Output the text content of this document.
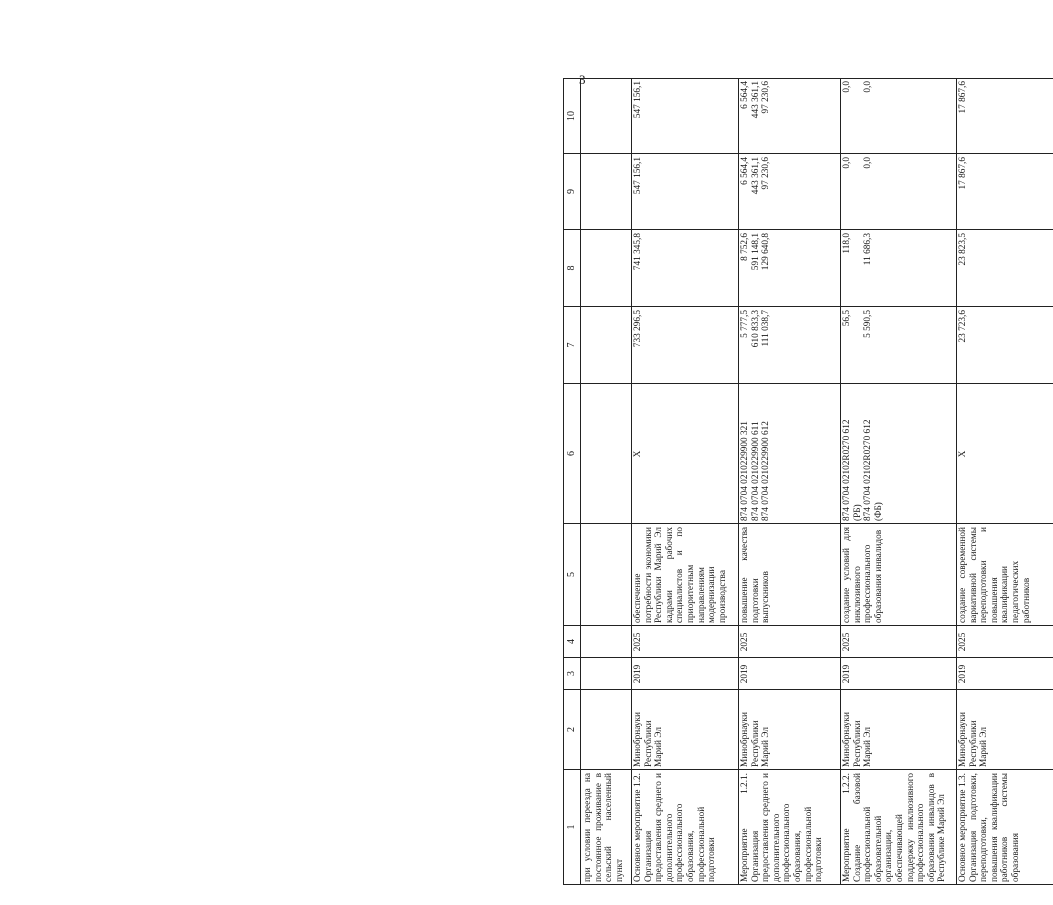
3
1
2
3
4
5
6
7
8
9
10
при условии переезда на постоянное проживание в сельский населенный пункт Основное мероприятие 1.2. Организация предоставления среднего и дополнительного профессионального образования, профессиональной подготовки
Минобрнауки Республики Марий Эл
2019
2025
обеспечение потребности экономики Республики Марий Эл кадрами рабочих специалистов и по приоритетным направлениям модернизации производства
X
733 296,5
741 345,8
547 156,1
547 156,1
Мероприятие 1.2.1. Организация предоставления среднего и дополнительного профессионального образования, профессиональной подготовки
Минобрнауки Республики Марий Эл
2019
2025
повышение качества подготовки выпускников
874 0704 0210229900 321
874 0704 0210229900 611
874 0704 0210229900 612
5 777,5
610 833,3
111 038,7
8 752,6
591 148,1
129 640,8
6 564,4
443 361,1
97 230,6
6 564,4
443 361,1
97 230,6
Мероприятие 1.2.2. Создание базовой профессиональной образовательной организации, обеспечивающей поддержку инклюзивного профессионального образования инвалидов в Республике Марий Эл
Минобрнауки Республики Марий Эл
2019
2025
создание условий для инклюзивного профессионального образования инвалидов
874 0704 02102R0270 612
(РБ)
874 0704 02102R0270 612
(ФБ)
56,5

5 590,5
118,0

11 686,3
0,0

0,0
0,0

0,0
Основное мероприятие 1.3. Организация подготовки, переподготовки, повышения квалификации работников системы образования
Минобрнауки Республики Марий Эл
2019
2025
создание современной вариативной системы переподготовки и повышения квалификации педагогических работников
X
23 723,6
23 823,5
17 867,6
17 867,6
